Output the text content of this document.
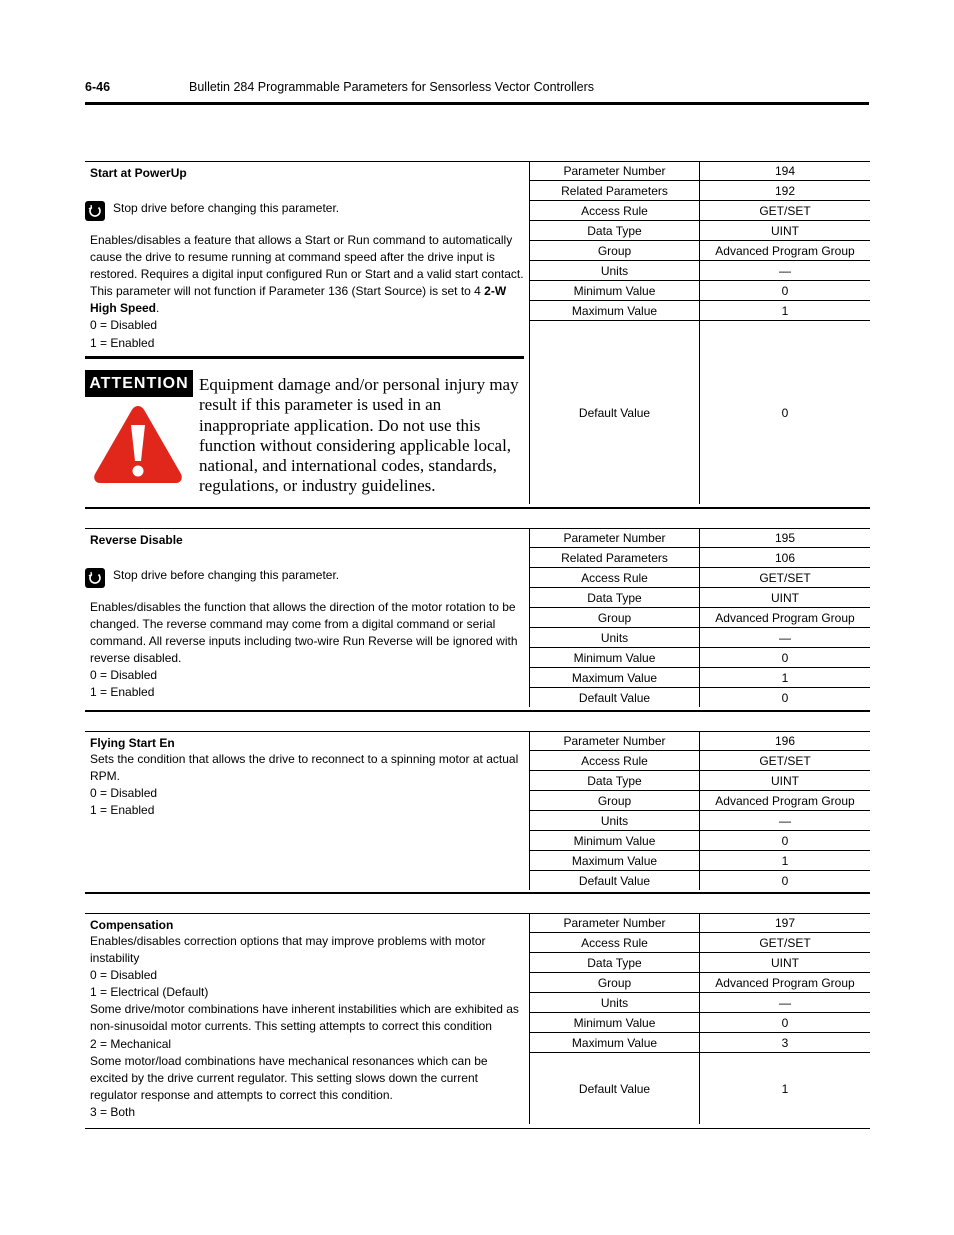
6-46	Bulletin 284 Programmable Parameters for Sensorless Vector Controllers
Start at PowerUp
Stop drive before changing this parameter.

Enables/disables a feature that allows a Start or Run command to automatically cause the drive to resume running at command speed after the drive input is restored. Requires a digital input configured Run or Start and a valid start contact. This parameter will not function if Parameter 136 (Start Source) is set to 4 2-W High Speed.

0 = Disabled

1 = Enabled

ATTENTION Equipment damage and/or personal injury may result if this parameter is used in an inappropriate application. Do not use this function without considering applicable local, national, and international codes, standards, regulations, or industry guidelines.
Parameter Number	194
Related Parameters	192
Access Rule	GET/SET
Data Type	UINT
Group	Advanced Program Group
Units	—
Minimum Value	0
Maximum Value	1
Default Value	0
Reverse Disable
Stop drive before changing this parameter.

Enables/disables the function that allows the direction of the motor rotation to be changed. The reverse command may come from a digital command or serial command. All reverse inputs including two-wire Run Reverse will be ignored with reverse disabled.

0 = Disabled

1 = Enabled

Parameter Number	195
Related Parameters	106
Access Rule	GET/SET
Data Type	UINT
Group	Advanced Program Group
Units	—
Minimum Value	0
Maximum Value	1
Default Value	0
Flying Start En

Sets the condition that allows the drive to reconnect to a spinning motor at actual RPM.

0 = Disabled

1 = Enabled

Parameter Number	196
Access Rule	GET/SET
Data Type	UINT
Group	Advanced Program Group
Units	—
Minimum Value	0
Maximum Value	1
Default Value	0
Compensation

Enables/disables correction options that may improve problems with motor instability

0 = Disabled

1 = Electrical (Default)

Some drive/motor combinations have inherent instabilities which are exhibited as non-sinusoidal motor currents. This setting attempts to correct this condition

2 = Mechanical

Some motor/load combinations have mechanical resonances which can be excited by the drive current regulator. This setting slows down the current regulator response and attempts to correct this condition.

3 = Both

Parameter Number	197
Access Rule	GET/SET
Data Type	UINT
Group	Advanced Program Group
Units	—
Minimum Value	0
Maximum Value	3
Default Value	1
